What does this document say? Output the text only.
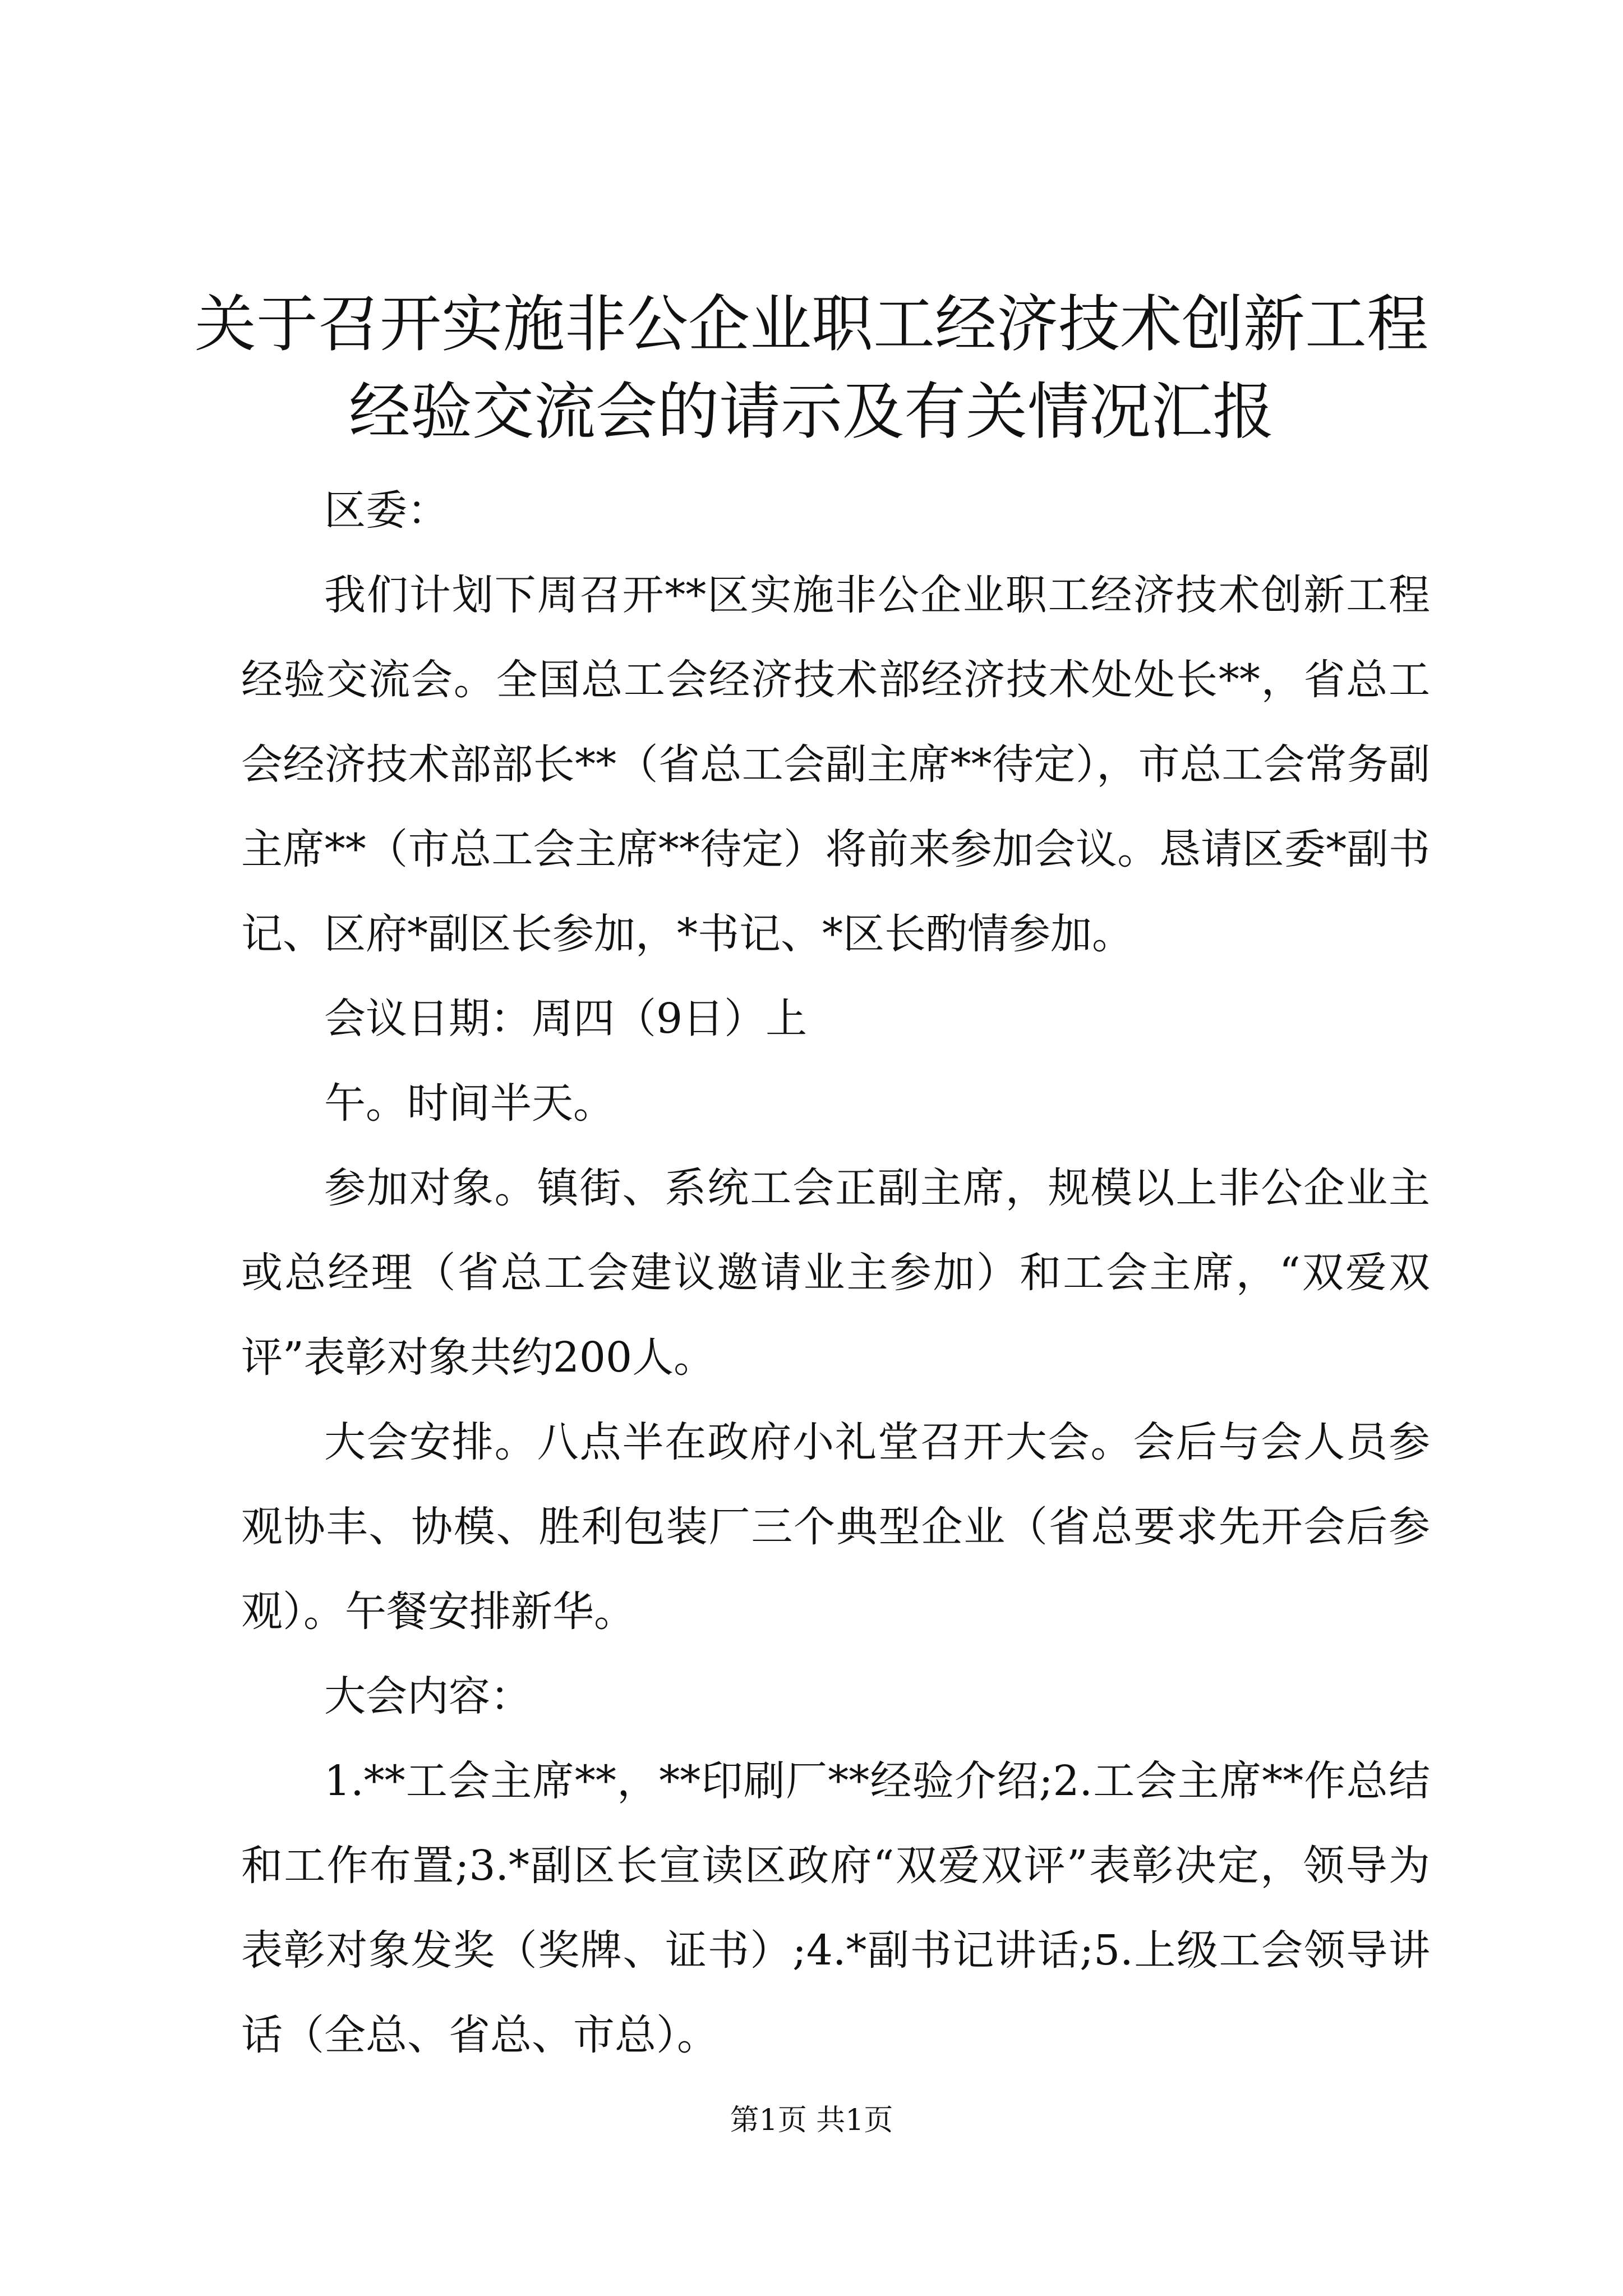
关于召开实施非公企业职工经济技术创新工程
经验交流会的请示及有关情况汇报

区委：

我们计划下周召开**区实施非公企业职工经济技术创新工程经验交流会。全国总工会经济技术部经济技术处处长**，省总工会经济技术部部长**（省总工会副主席**待定），市总工会常务副主席**（市总工会主席**待定）将前来参加会议。恳请区委*副书记、区府*副区长参加，*书记、*区长酌情参加。

会议日期：周四（9日）上

午。时间半天。

参加对象。镇街、系统工会正副主席，规模以上非公企业主或总经理（省总工会建议邀请业主参加）和工会主席，“双爱双评”表彰对象共约200人。

大会安排。八点半在政府小礼堂召开大会。会后与会人员参观协丰、协模、胜利包装厂三个典型企业（省总要求先开会后参观）。午餐安排新华。

大会内容：

1.**工会主席**，**印刷厂**经验介绍;2.工会主席**作总结和工作布置;3.*副区长宣读区政府“双爱双评”表彰决定，领导为表彰对象发奖（奖牌、证书）;4.*副书记讲话;5.上级工会领导讲话（全总、省总、市总）。

第1页 共1页
